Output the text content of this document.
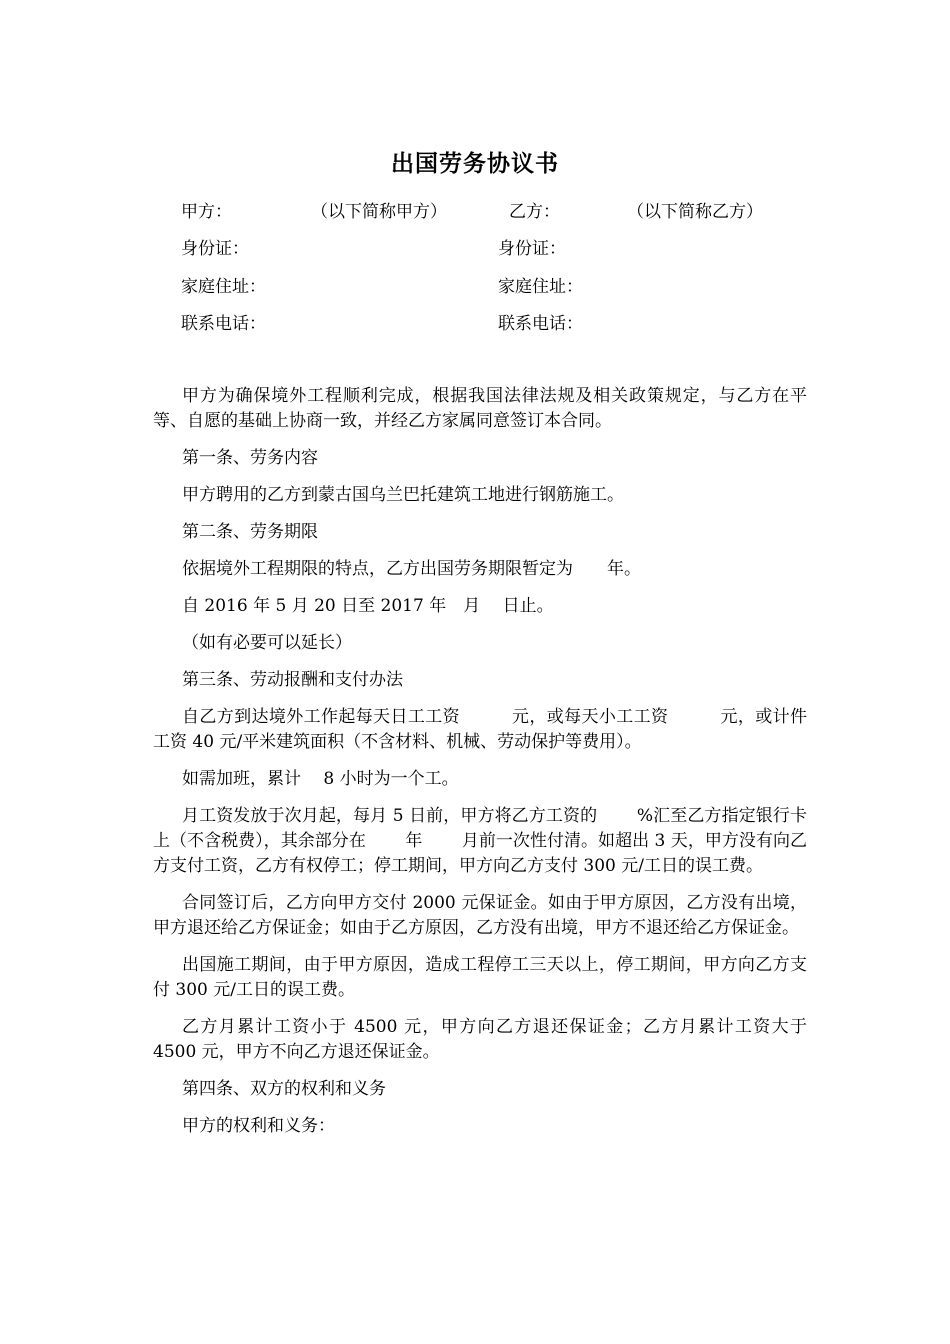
出国劳务协议书
甲方：	（以下简称甲方）	乙方：	（以下简称乙方）
身份证：	身份证：
家庭住址：	家庭住址：
联系电话：	联系电话：

甲方为确保境外工程顺利完成，根据我国法律法规及相关政策规定，与乙方在平等、自愿的基础上协商一致，并经乙方家属同意签订本合同。

第一条、劳务内容

甲方聘用的乙方到蒙古国乌兰巴托建筑工地进行钢筋施工。

第二条、劳务期限

依据境外工程期限的特点，乙方出国劳务期限暂定为　　年。

自 2016 年 5 月 20 日至 2017 年　月　 日止。

（如有必要可以延长）

第三条、劳动报酬和支付办法

自乙方到达境外工作起每天日工工资　　　元，或每天小工工资　　　元，或计件工资 40 元/平米建筑面积（不含材料、机械、劳动保护等费用）。

如需加班，累计　 8 小时为一个工。

月工资发放于次月起，每月 5 日前，甲方将乙方工资的　　 %汇至乙方指定银行卡上（不含税费），其余部分在　　 年　　 月前一次性付清。如超出 3 天，甲方没有向乙方支付工资，乙方有权停工；停工期间，甲方向乙方支付 300 元/工日的误工费。

合同签订后，乙方向甲方交付 2000 元保证金。如由于甲方原因，乙方没有出境，甲方退还给乙方保证金；如由于乙方原因，乙方没有出境，甲方不退还给乙方保证金。

出国施工期间，由于甲方原因，造成工程停工三天以上，停工期间，甲方向乙方支付 300 元/工日的误工费。

乙方月累计工资小于 4500 元，甲方向乙方退还保证金；乙方月累计工资大于 4500 元，甲方不向乙方退还保证金。

第四条、双方的权利和义务

甲方的权利和义务：
